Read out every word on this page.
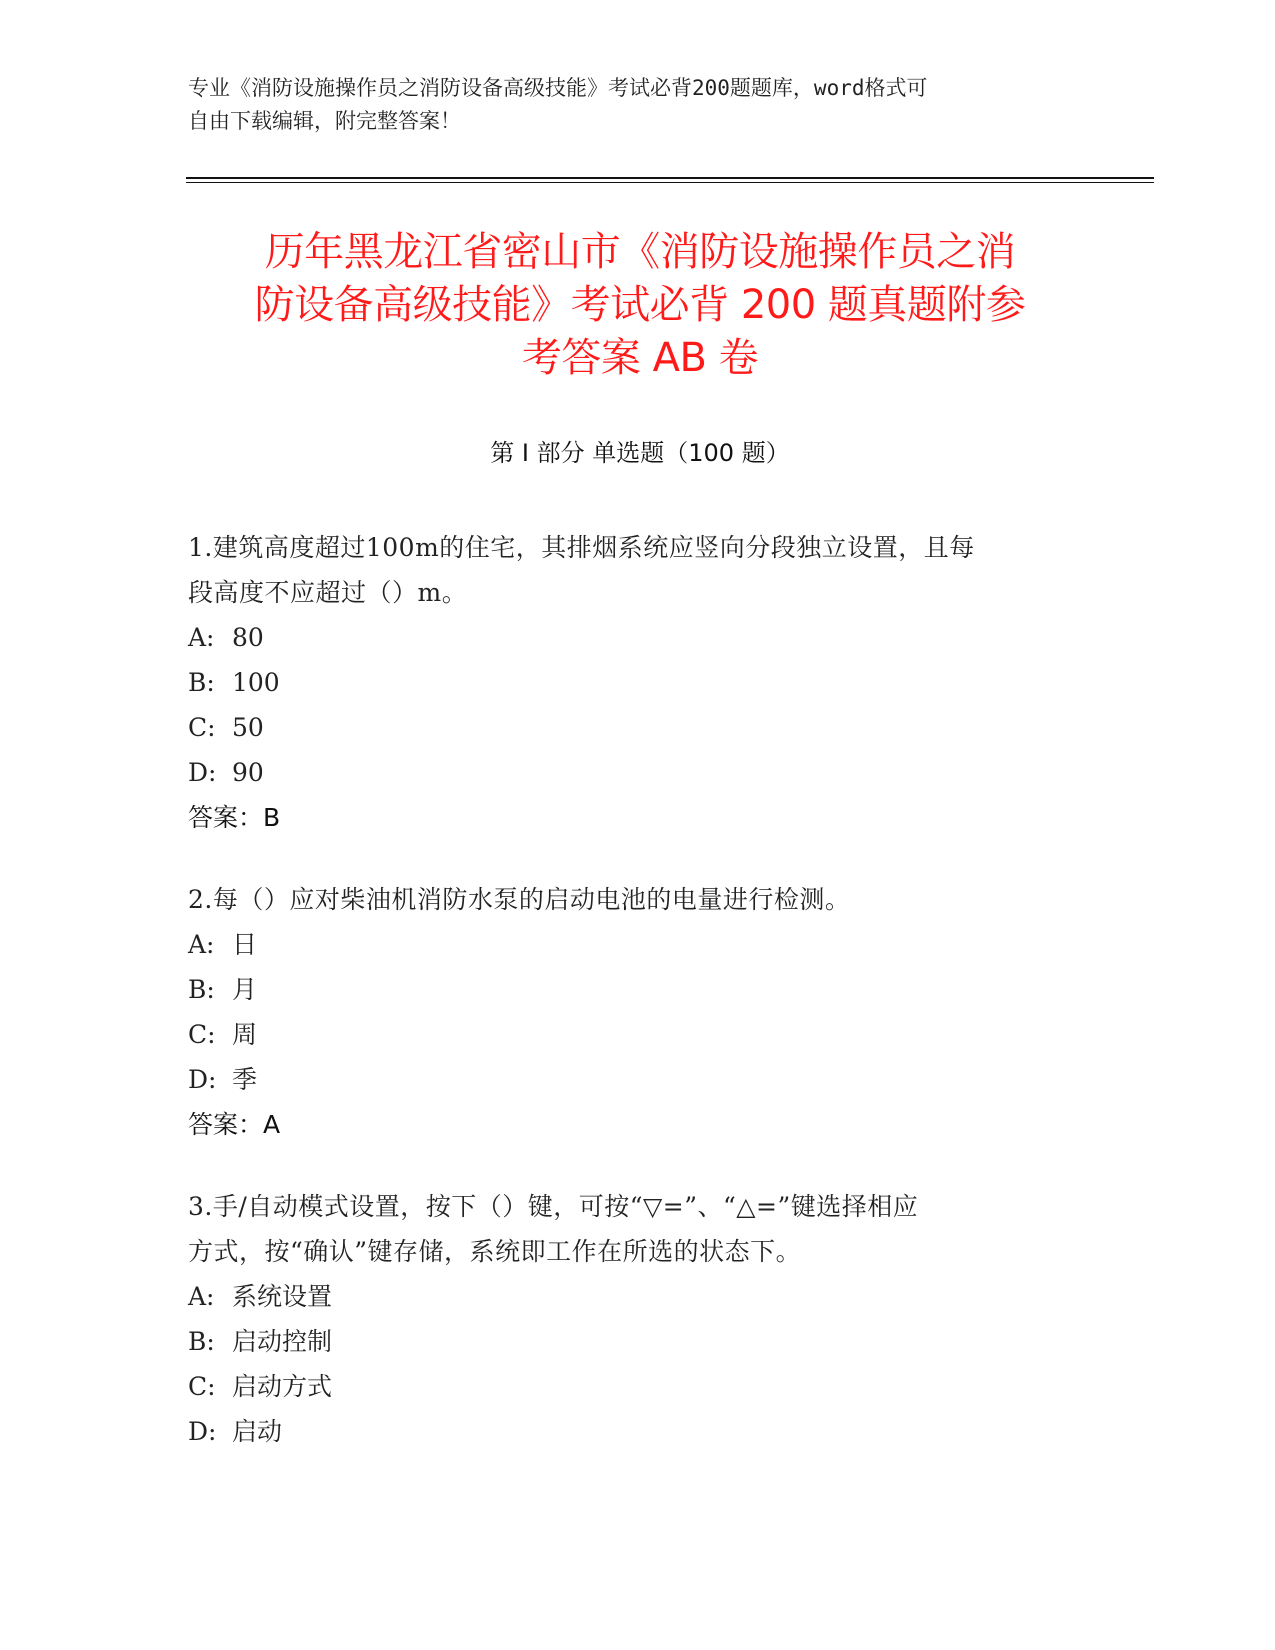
专业《消防设施操作员之消防设备高级技能》考试必背200题题库，word格式可
自由下载编辑，附完整答案！
历年黑龙江省密山市《消防设施操作员之消
防设备高级技能》考试必背 200 题真题附参
考答案 AB 卷
第 I 部分 单选题（100 题）
1.建筑高度超过100m的住宅，其排烟系统应竖向分段独立设置，且每
段高度不应超过（）m。
A: 80
B: 100
C: 50
D: 90
答案：B
2.每（）应对柴油机消防水泵的启动电池的电量进行检测。
A: 日
B: 月
C: 周
D: 季
答案：A
3.手/自动模式设置，按下（）键，可按“▽=”、“△=”键选择相应
方式，按“确认”键存储，系统即工作在所选的状态下。
A: 系统设置
B: 启动控制
C: 启动方式
D: 启动
